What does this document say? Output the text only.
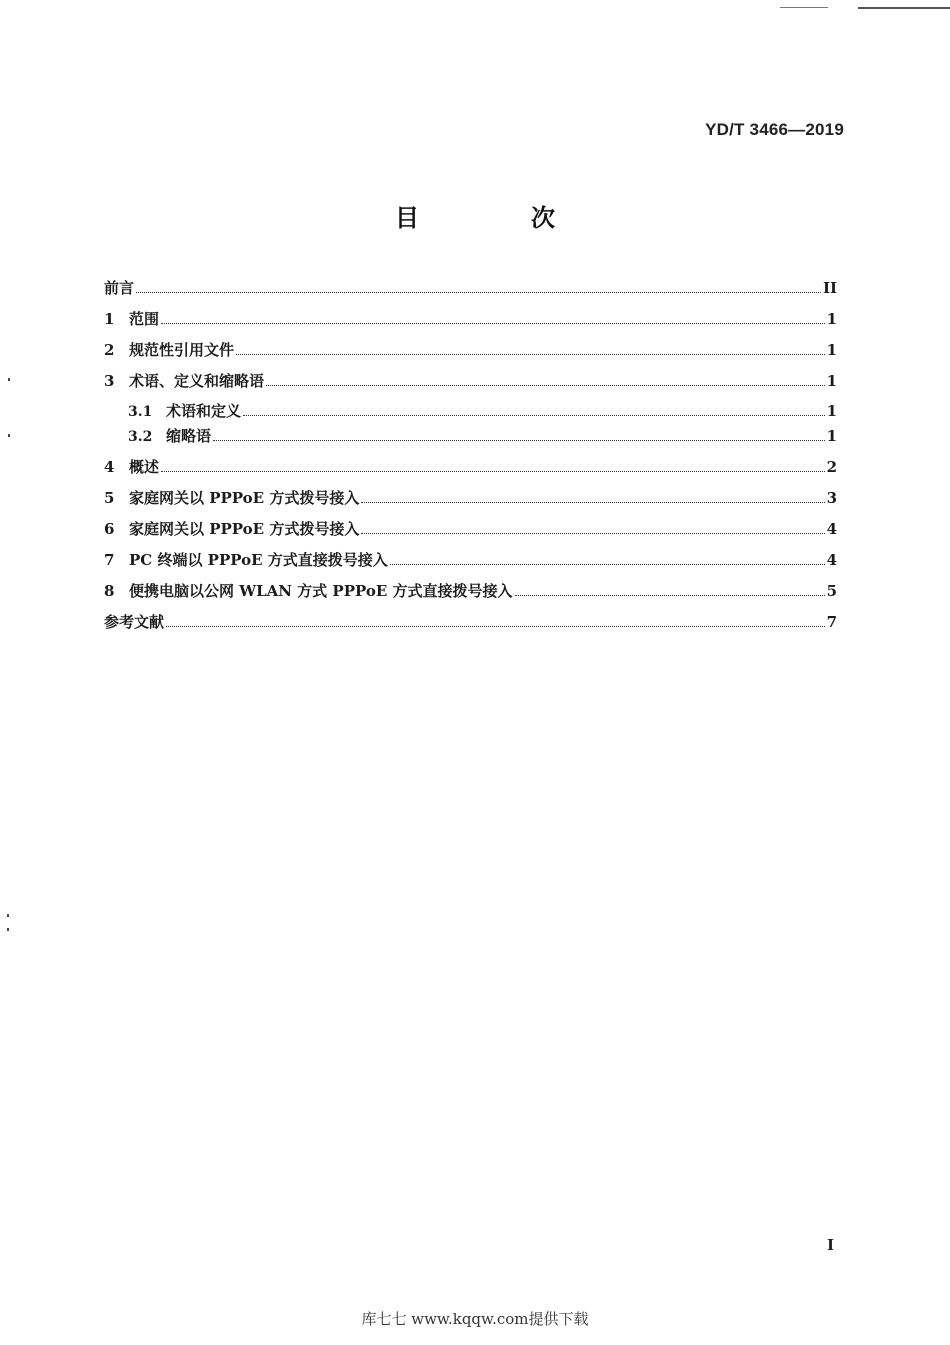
YD/T 3466—2019
目　次
前言	II
1 范围	1
2 规范性引用文件	1
3 术语、定义和缩略语	1
3.1 术语和定义	1
3.2 缩略语	1
4 概述	2
5 家庭网关以 PPPoE 方式拨号接入	3
6 家庭网关以 PPPoE 方式拨号接入	4
7 PC 终端以 PPPoE 方式直接拨号接入	4
8 便携电脑以公网 WLAN 方式 PPPoE 方式直接拨号接入	5
参考文献	7
I
库七七 www.kqqw.com提供下载
